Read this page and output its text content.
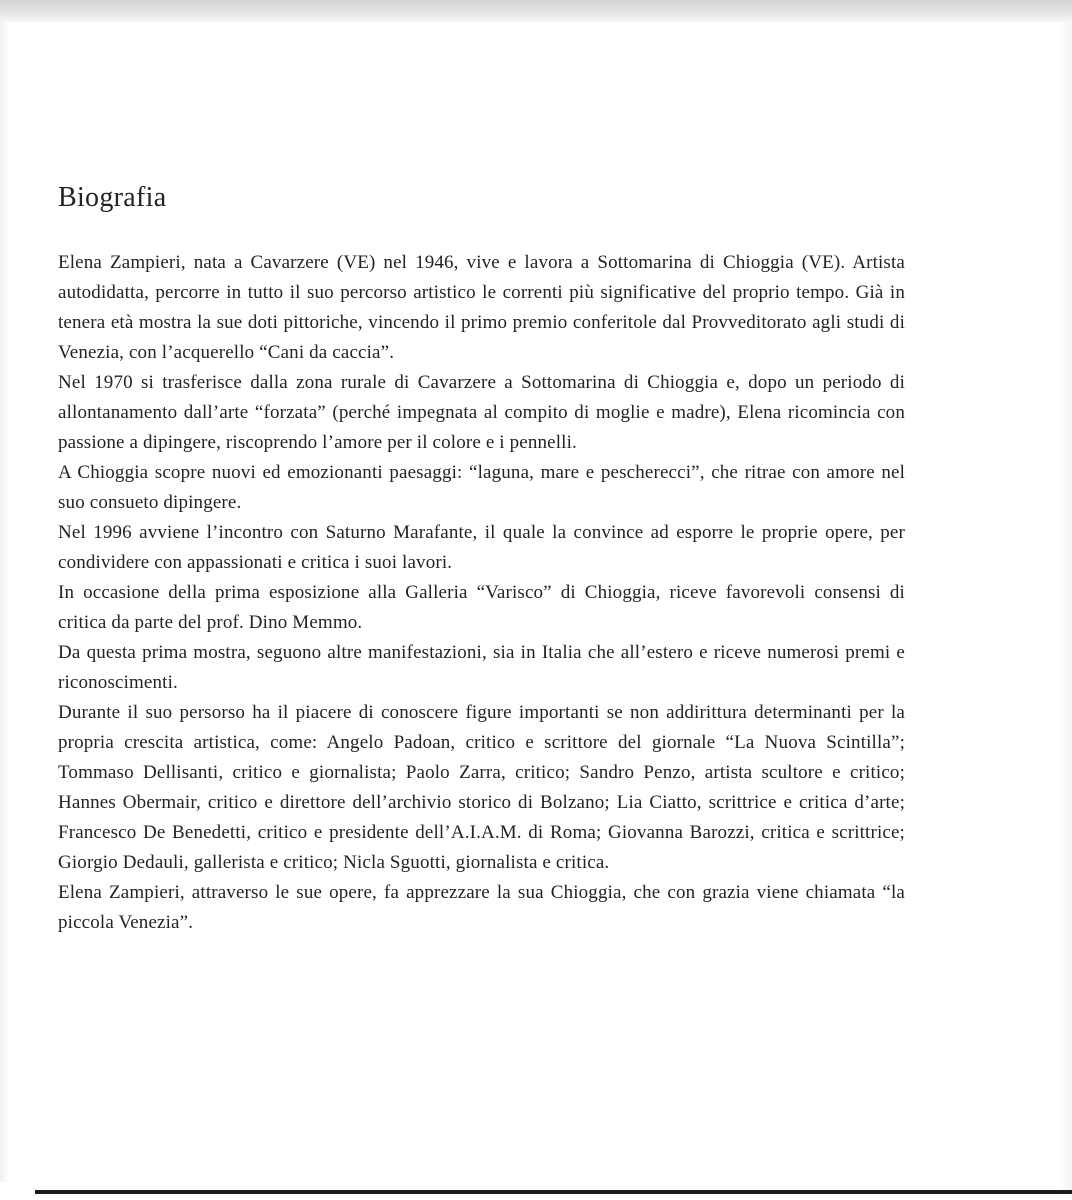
Biografia

Elena Zampieri, nata a Cavarzere (VE) nel 1946, vive e lavora a Sottomarina di Chioggia (VE). Artista autodidatta, percorre in tutto il suo percorso artistico le correnti più significative del proprio tempo. Già in tenera età mostra la sue doti pittoriche, vincendo il primo premio conferitole dal Provveditorato agli studi di Venezia, con l’acquerello “Cani da caccia”.

Nel 1970 si trasferisce dalla zona rurale di Cavarzere a Sottomarina di Chioggia e, dopo un periodo di allontanamento dall’arte “forzata” (perché impegnata al compito di moglie e madre), Elena ricomincia con passione a dipingere, riscoprendo l’amore per il colore e i pennelli.

A Chioggia scopre nuovi ed emozionanti paesaggi: “laguna, mare e pescherecci”, che ritrae con amore nel suo consueto dipingere.

Nel 1996 avviene l’incontro con Saturno Marafante, il quale la convince ad esporre le proprie opere, per condividere con appassionati e critica i suoi lavori.

In occasione della prima esposizione alla Galleria “Varisco” di Chioggia, riceve favorevoli consensi di critica da parte del prof. Dino Memmo.

Da questa prima mostra, seguono altre manifestazioni, sia in Italia che all’estero e riceve numerosi premi e riconoscimenti.

Durante il suo persorso ha il piacere di conoscere figure importanti se non addirittura determinanti per la propria crescita artistica, come: Angelo Padoan, critico e scrittore del giornale “La Nuova Scintilla”; Tommaso Dellisanti, critico e giornalista; Paolo Zarra, critico; Sandro Penzo, artista scultore e critico; Hannes Obermair, critico e direttore dell’archivio storico di Bolzano; Lia Ciatto, scrittrice e critica d’arte; Francesco De Benedetti, critico e presidente dell’A.I.A.M. di Roma; Giovanna Barozzi, critica e scrittrice; Giorgio Dedauli, gallerista e critico; Nicla Sguotti, giornalista e critica.

Elena Zampieri, attraverso le sue opere, fa apprezzare la sua Chioggia, che con grazia viene chiamata “la piccola Venezia”.
